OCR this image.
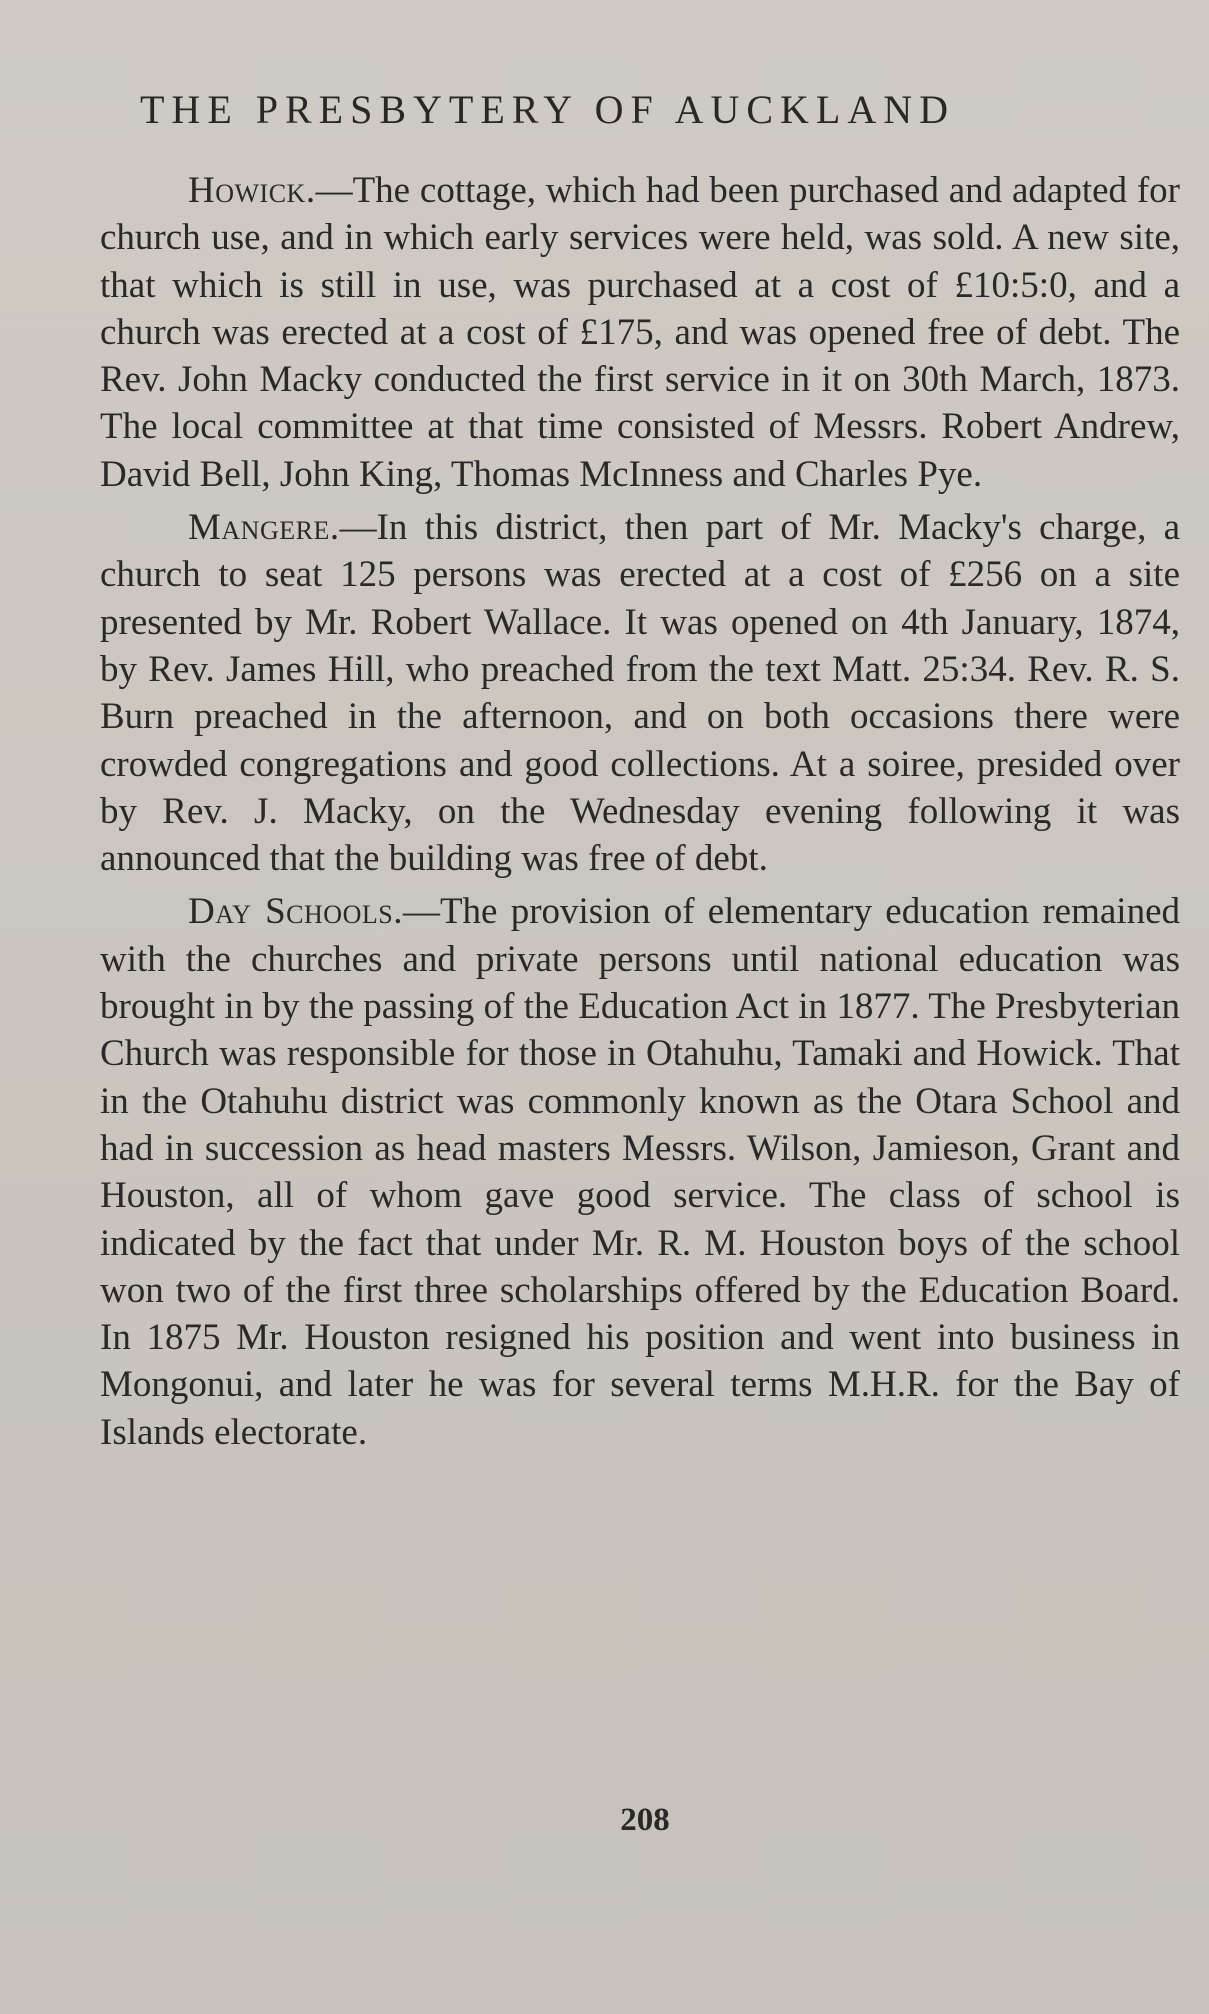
THE PRESBYTERY OF AUCKLAND

Howick.—The cottage, which had been purchased and adapted for church use, and in which early services were held, was sold. A new site, that which is still in use, was purchased at a cost of £10:5:0, and a church was erected at a cost of £175, and was opened free of debt. The Rev. John Macky conducted the first service in it on 30th March, 1873. The local committee at that time consisted of Messrs. Robert Andrew, David Bell, John King, Thomas McInness and Charles Pye.

Mangere.—In this district, then part of Mr. Macky's charge, a church to seat 125 persons was erected at a cost of £256 on a site presented by Mr. Robert Wallace. It was opened on 4th January, 1874, by Rev. James Hill, who preached from the text Matt. 25:34. Rev. R. S. Burn preached in the afternoon, and on both occasions there were crowded congregations and good collections. At a soiree, presided over by Rev. J. Macky, on the Wednesday evening following it was announced that the building was free of debt.

Day Schools.—The provision of elementary education remained with the churches and private persons until national education was brought in by the passing of the Education Act in 1877. The Presbyterian Church was responsible for those in Otahuhu, Tamaki and Howick. That in the Otahuhu district was commonly known as the Otara School and had in succession as head masters Messrs. Wilson, Jamieson, Grant and Houston, all of whom gave good service. The class of school is indicated by the fact that under Mr. R. M. Houston boys of the school won two of the first three scholarships offered by the Education Board. In 1875 Mr. Houston resigned his position and went into business in Mongonui, and later he was for several terms M.H.R. for the Bay of Islands electorate.

208
